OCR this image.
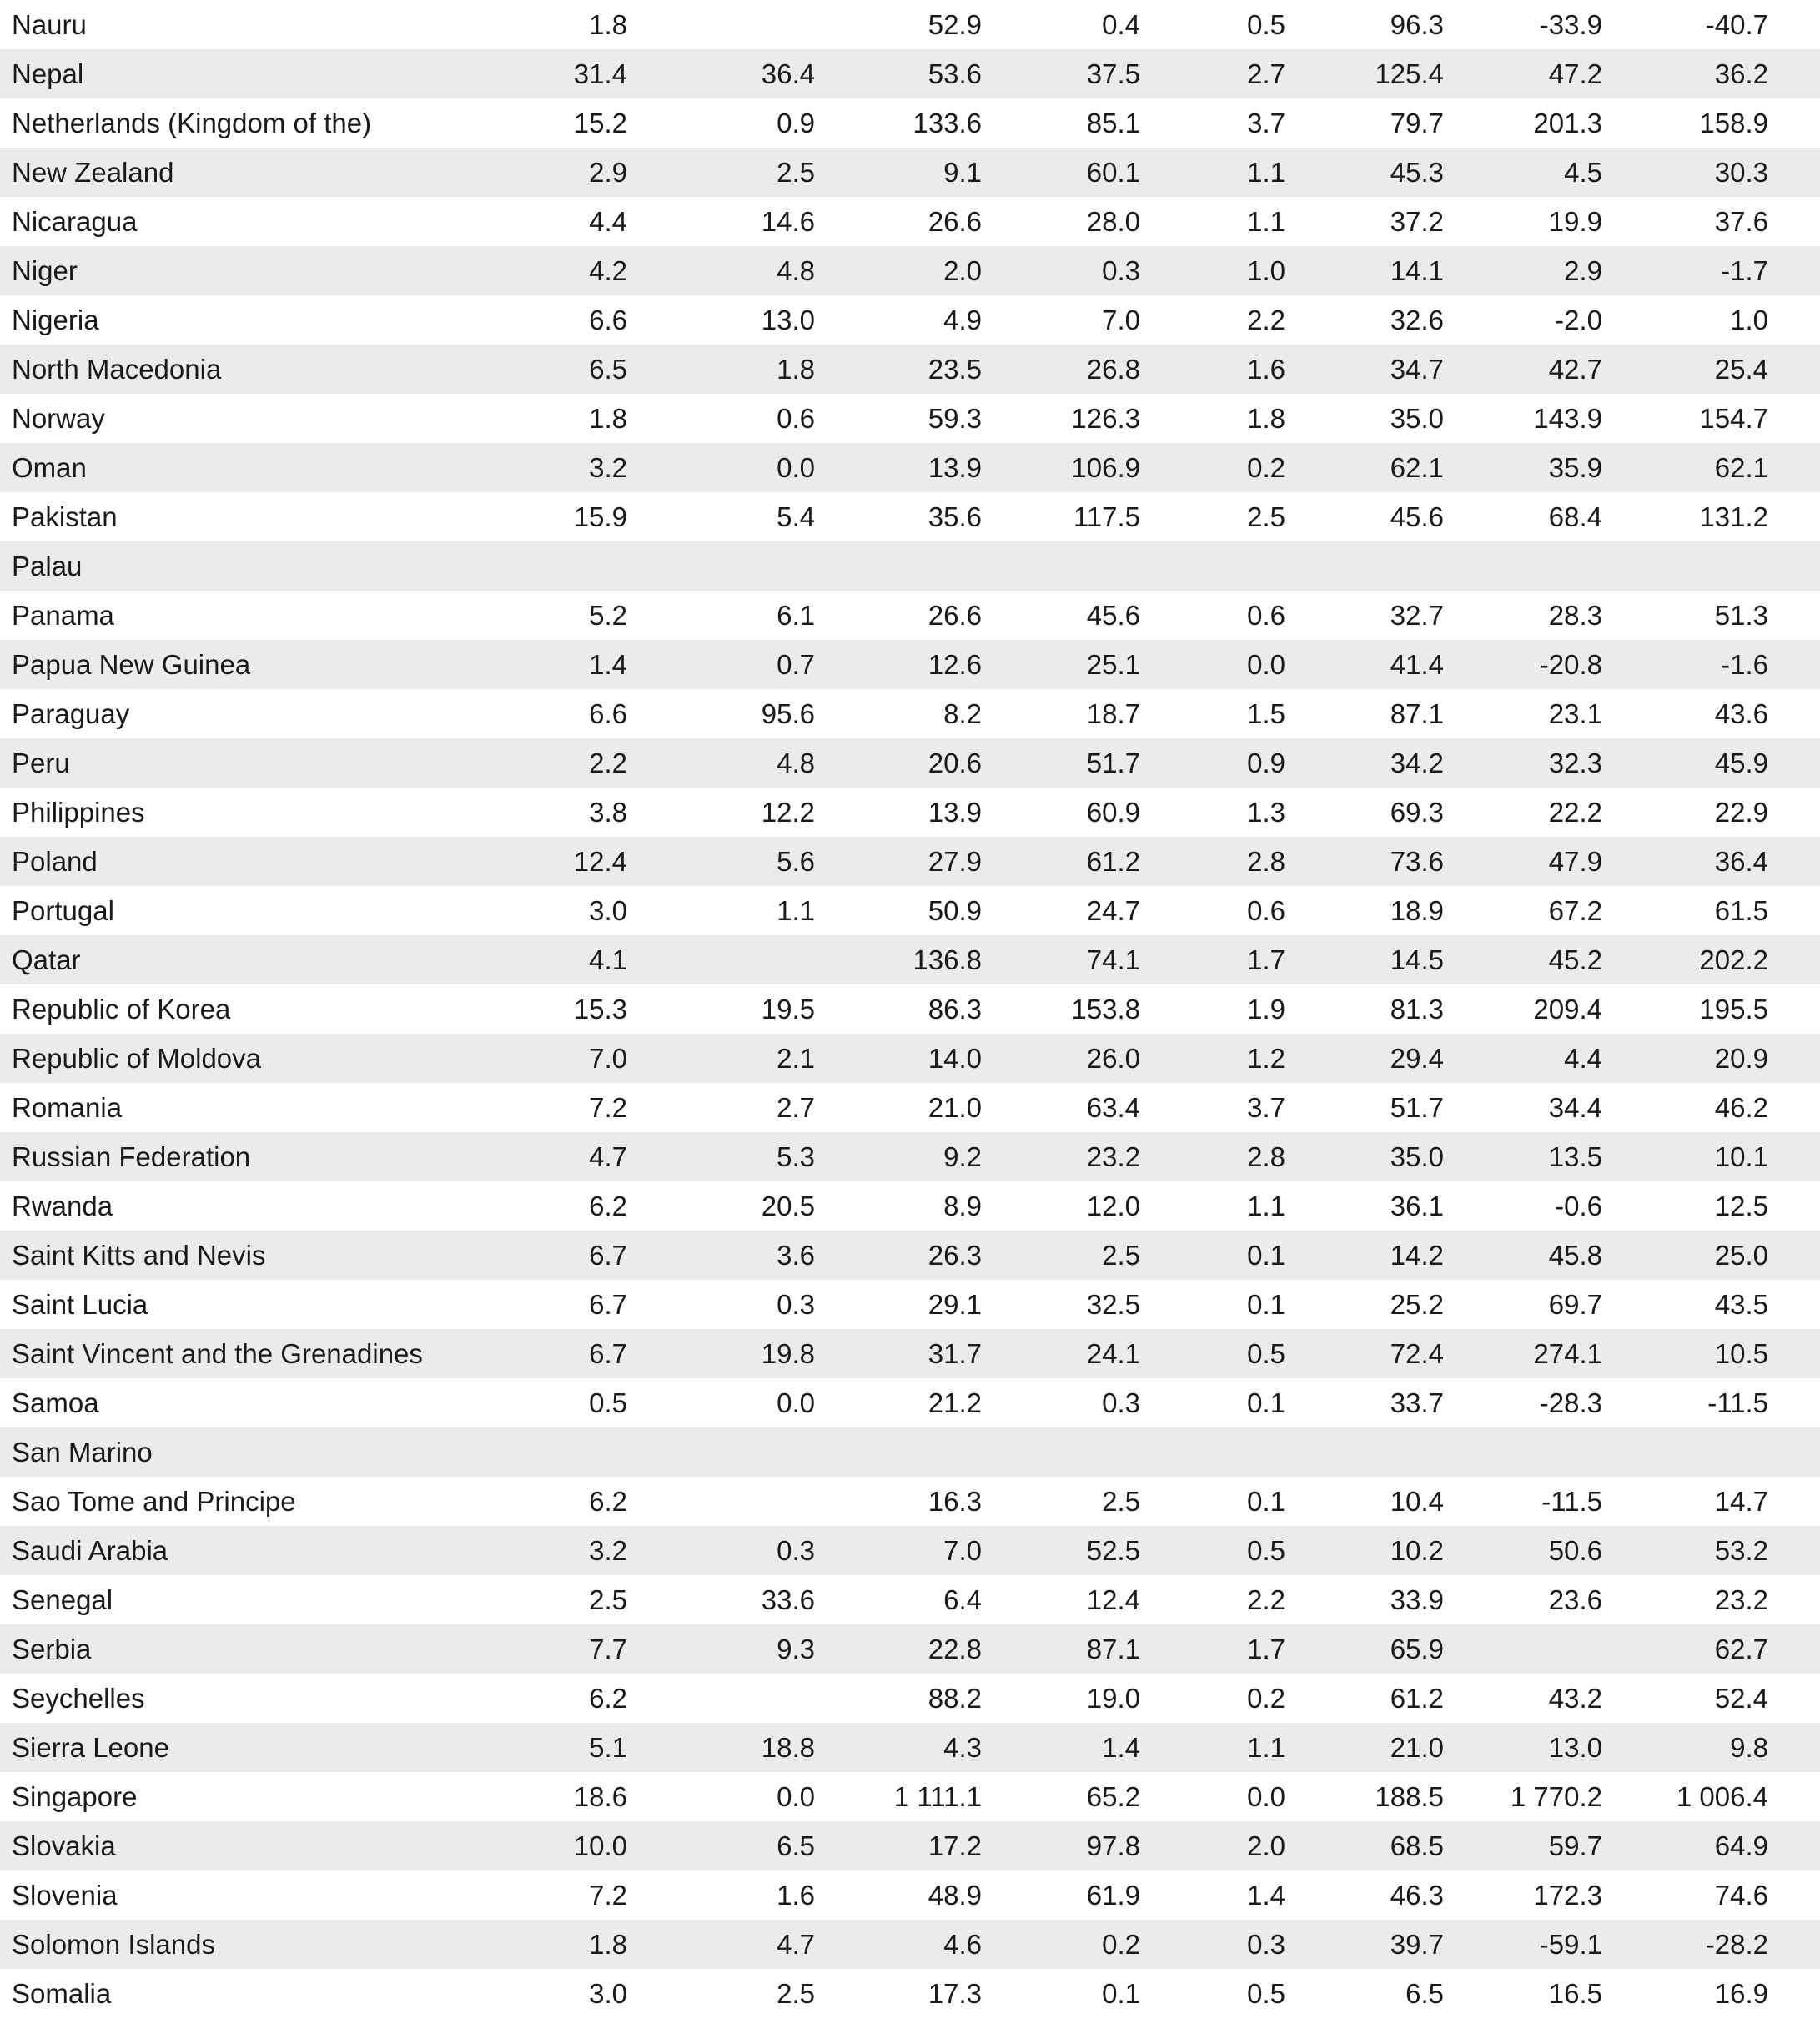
Nauru	1.8		52.9	0.4	0.5	96.3	-33.9	-40.7
Nepal	31.4	36.4	53.6	37.5	2.7	125.4	47.2	36.2
Netherlands (Kingdom of the)	15.2	0.9	133.6	85.1	3.7	79.7	201.3	158.9
New Zealand	2.9	2.5	9.1	60.1	1.1	45.3	4.5	30.3
Nicaragua	4.4	14.6	26.6	28.0	1.1	37.2	19.9	37.6
Niger	4.2	4.8	2.0	0.3	1.0	14.1	2.9	-1.7
Nigeria	6.6	13.0	4.9	7.0	2.2	32.6	-2.0	1.0
North Macedonia	6.5	1.8	23.5	26.8	1.6	34.7	42.7	25.4
Norway	1.8	0.6	59.3	126.3	1.8	35.0	143.9	154.7
Oman	3.2	0.0	13.9	106.9	0.2	62.1	35.9	62.1
Pakistan	15.9	5.4	35.6	117.5	2.5	45.6	68.4	131.2
Palau								
Panama	5.2	6.1	26.6	45.6	0.6	32.7	28.3	51.3
Papua New Guinea	1.4	0.7	12.6	25.1	0.0	41.4	-20.8	-1.6
Paraguay	6.6	95.6	8.2	18.7	1.5	87.1	23.1	43.6
Peru	2.2	4.8	20.6	51.7	0.9	34.2	32.3	45.9
Philippines	3.8	12.2	13.9	60.9	1.3	69.3	22.2	22.9
Poland	12.4	5.6	27.9	61.2	2.8	73.6	47.9	36.4
Portugal	3.0	1.1	50.9	24.7	0.6	18.9	67.2	61.5
Qatar	4.1		136.8	74.1	1.7	14.5	45.2	202.2
Republic of Korea	15.3	19.5	86.3	153.8	1.9	81.3	209.4	195.5
Republic of Moldova	7.0	2.1	14.0	26.0	1.2	29.4	4.4	20.9
Romania	7.2	2.7	21.0	63.4	3.7	51.7	34.4	46.2
Russian Federation	4.7	5.3	9.2	23.2	2.8	35.0	13.5	10.1
Rwanda	6.2	20.5	8.9	12.0	1.1	36.1	-0.6	12.5
Saint Kitts and Nevis	6.7	3.6	26.3	2.5	0.1	14.2	45.8	25.0
Saint Lucia	6.7	0.3	29.1	32.5	0.1	25.2	69.7	43.5
Saint Vincent and the Grenadines	6.7	19.8	31.7	24.1	0.5	72.4	274.1	10.5
Samoa	0.5	0.0	21.2	0.3	0.1	33.7	-28.3	-11.5
San Marino								
Sao Tome and Principe	6.2		16.3	2.5	0.1	10.4	-11.5	14.7
Saudi Arabia	3.2	0.3	7.0	52.5	0.5	10.2	50.6	53.2
Senegal	2.5	33.6	6.4	12.4	2.2	33.9	23.6	23.2
Serbia	7.7	9.3	22.8	87.1	1.7	65.9		62.7
Seychelles	6.2		88.2	19.0	0.2	61.2	43.2	52.4
Sierra Leone	5.1	18.8	4.3	1.4	1.1	21.0	13.0	9.8
Singapore	18.6	0.0	1 111.1	65.2	0.0	188.5	1 770.2	1 006.4
Slovakia	10.0	6.5	17.2	97.8	2.0	68.5	59.7	64.9
Slovenia	7.2	1.6	48.9	61.9	1.4	46.3	172.3	74.6
Solomon Islands	1.8	4.7	4.6	0.2	0.3	39.7	-59.1	-28.2
Somalia	3.0	2.5	17.3	0.1	0.5	6.5	16.5	16.9
